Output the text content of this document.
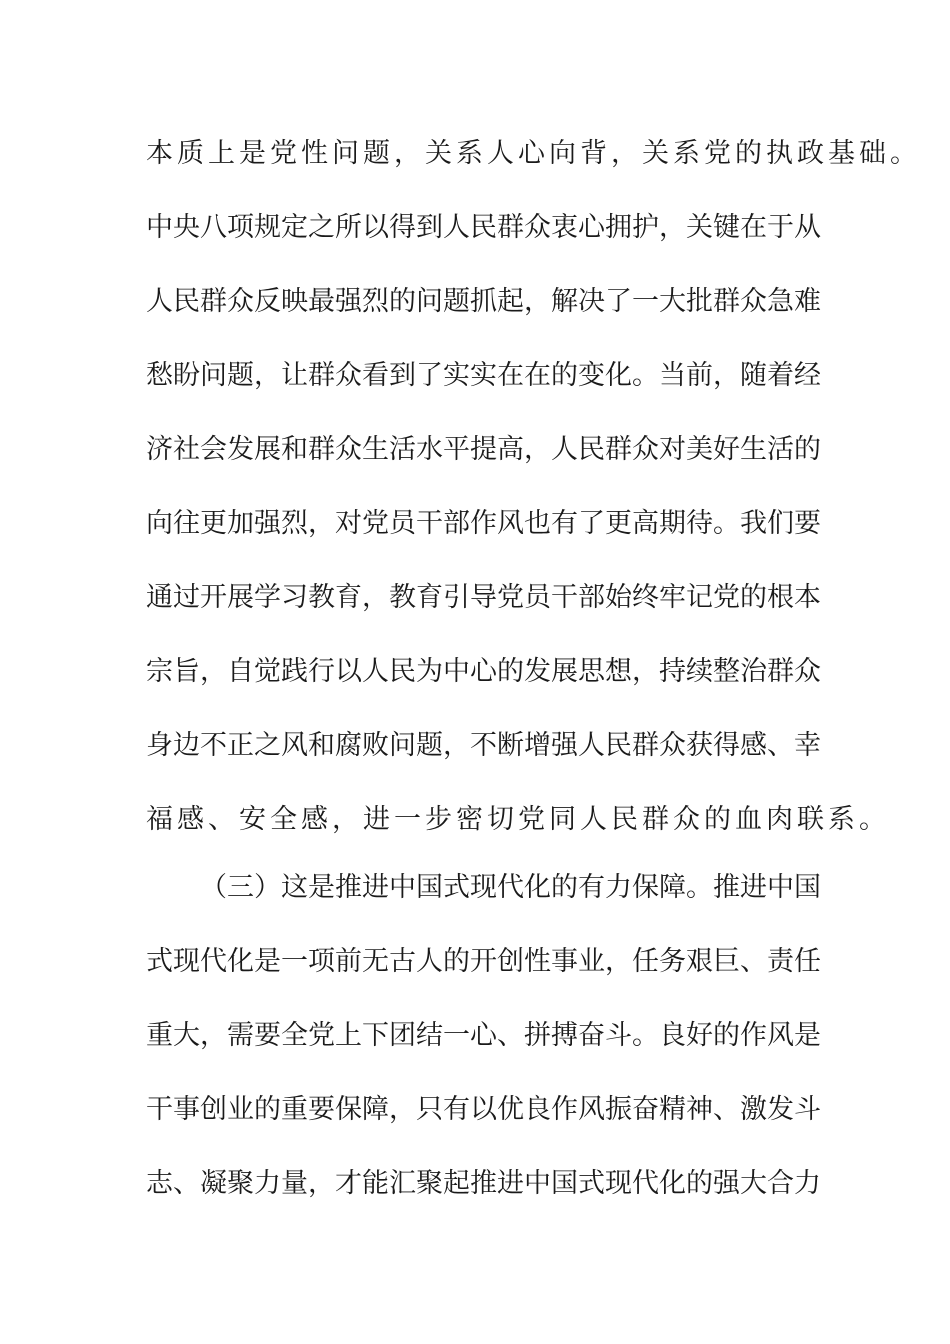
本质上是党性问题，关系人心向背，关系党的执政基础。
中央八项规定之所以得到人民群众衷心拥护，关键在于从
人民群众反映最强烈的问题抓起，解决了一大批群众急难
愁盼问题，让群众看到了实实在在的变化。当前，随着经
济社会发展和群众生活水平提高，人民群众对美好生活的
向往更加强烈，对党员干部作风也有了更高期待。我们要
通过开展学习教育，教育引导党员干部始终牢记党的根本
宗旨，自觉践行以人民为中心的发展思想，持续整治群众
身边不正之风和腐败问题，不断增强人民群众获得感、幸
福感、安全感，进一步密切党同人民群众的血肉联系。
（三）这是推进中国式现代化的有力保障。推进中国
式现代化是一项前无古人的开创性事业，任务艰巨、责任
重大，需要全党上下团结一心、拼搏奋斗。良好的作风是
干事创业的重要保障，只有以优良作风振奋精神、激发斗
志、凝聚力量，才能汇聚起推进中国式现代化的强大合力
